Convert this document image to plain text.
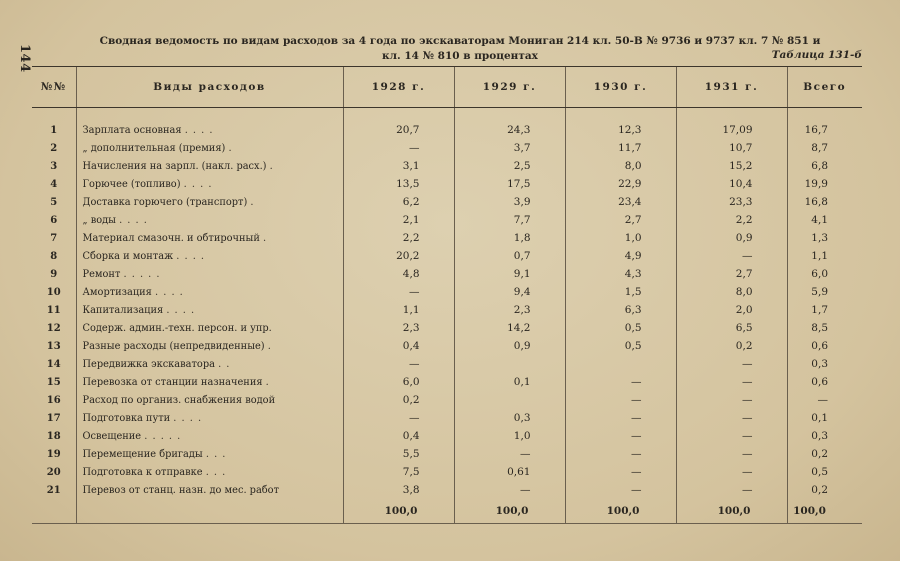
144
Сводная ведомость по видам расходов за 4 года по экскаваторам Мониган 214 кл. 50-В № 9736 и 9737 кл. 7 № 851 и
кл. 14 № 810 в процентах	Таблица 131-б
№№	Виды расходов	1928 г.	1929 г.	1930 г.	1931 г.	Всего

1	Зарплата основная . . . .	20,7	24,3	12,3	17,09	16,7
2	„ дополнительная (премия) .	—	3,7	11,7	10,7	8,7
3	Начисления на зарпл. (накл. расх.) .	3,1	2,5	8,0	15,2	6,8
4	Горючее (топливо) . . . .	13,5	17,5	22,9	10,4	19,9
5	Доставка горючего (транспорт) .	6,2	3,9	23,4	23,3	16,8
6	„ воды . . . .	2,1	7,7	2,7	2,2	4,1
7	Материал смазочн. и обтирочный .	2,2	1,8	1,0	0,9	1,3
8	Сборка и монтаж . . . .	20,2	0,7	4,9	—	1,1
9	Ремонт . . . . .	4,8	9,1	4,3	2,7	6,0
10	Амортизация . . . .	—	9,4	1,5	8,0	5,9
11	Капитализация . . . .	1,1	2,3	6,3	2,0	1,7
12	Содерж. админ.-техн. персон. и упр.	2,3	14,2	0,5	6,5	8,5
13	Разные расходы (непредвиденные) .	0,4	0,9	0,5	0,2	0,6
14	Передвижка экскаватора . .	—			—	0,3
15	Перевозка от станции назначения .	6,0	0,1	—	—	0,6
16	Расход по организ. снабжения водой	0,2		—	—	—
17	Подготовка пути . . . .	—	0,3	—	—	0,1
18	Освещение . . . . .	0,4	1,0	—	—	0,3
19	Перемещение бригады . . .	5,5	—	—	—	0,2
20	Подготовка к отправке . . .	7,5	0,61	—	—	0,5
21	Перевоз от станц. назн. до мес. работ	3,8	—	—	—	0,2
		100,0	100,0	100,0	100,0	100,0
